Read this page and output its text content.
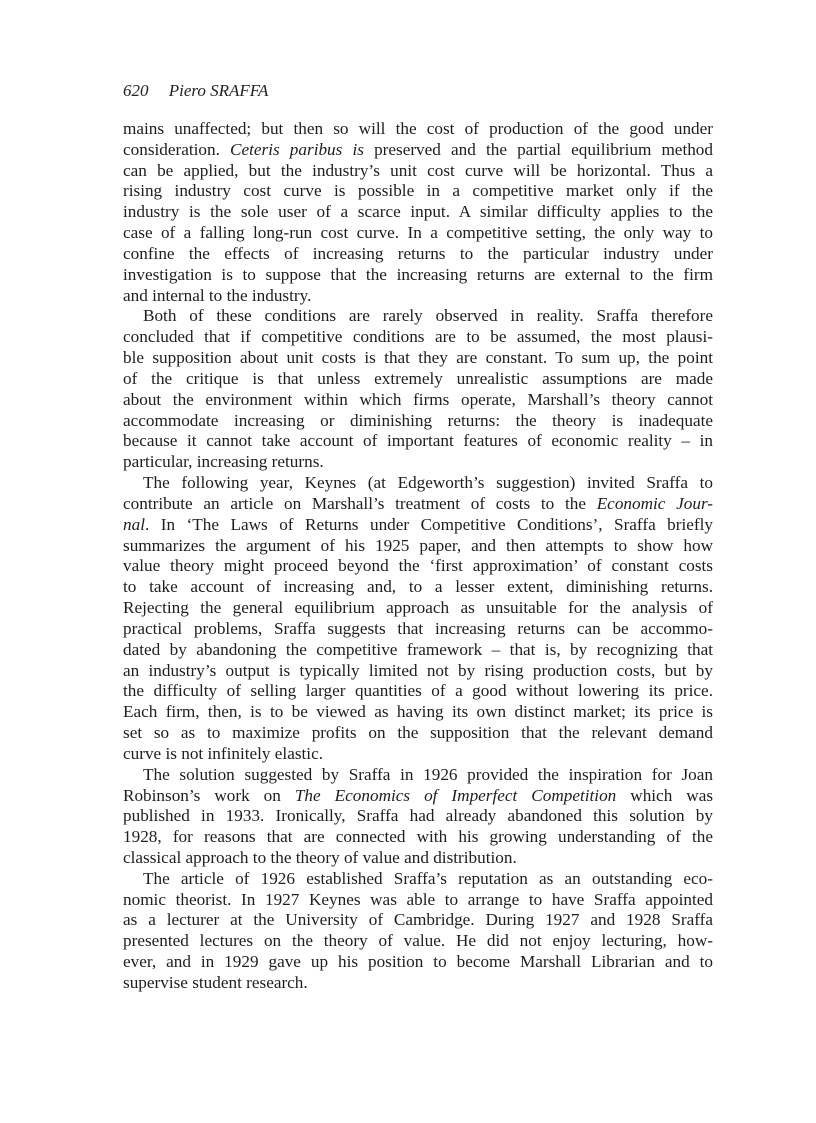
620 Piero SRAFFA
mains unaffected; but then so will the cost of production of the good under
consideration. Ceteris paribus is preserved and the partial equilibrium method
can be applied, but the industry’s unit cost curve will be horizontal. Thus a
rising industry cost curve is possible in a competitive market only if the
industry is the sole user of a scarce input. A similar difficulty applies to the
case of a falling long-run cost curve. In a competitive setting, the only way to
confine the effects of increasing returns to the particular industry under
investigation is to suppose that the increasing returns are external to the firm
and internal to the industry.
Both of these conditions are rarely observed in reality. Sraffa therefore
concluded that if competitive conditions are to be assumed, the most plausi-
ble supposition about unit costs is that they are constant. To sum up, the point
of the critique is that unless extremely unrealistic assumptions are made
about the environment within which firms operate, Marshall’s theory cannot
accommodate increasing or diminishing returns: the theory is inadequate
because it cannot take account of important features of economic reality – in
particular, increasing returns.
The following year, Keynes (at Edgeworth’s suggestion) invited Sraffa to
contribute an article on Marshall’s treatment of costs to the Economic Jour-
nal. In ‘The Laws of Returns under Competitive Conditions’, Sraffa briefly
summarizes the argument of his 1925 paper, and then attempts to show how
value theory might proceed beyond the ‘first approximation’ of constant costs
to take account of increasing and, to a lesser extent, diminishing returns.
Rejecting the general equilibrium approach as unsuitable for the analysis of
practical problems, Sraffa suggests that increasing returns can be accommo-
dated by abandoning the competitive framework – that is, by recognizing that
an industry’s output is typically limited not by rising production costs, but by
the difficulty of selling larger quantities of a good without lowering its price.
Each firm, then, is to be viewed as having its own distinct market; its price is
set so as to maximize profits on the supposition that the relevant demand
curve is not infinitely elastic.
The solution suggested by Sraffa in 1926 provided the inspiration for Joan
Robinson’s work on The Economics of Imperfect Competition which was
published in 1933. Ironically, Sraffa had already abandoned this solution by
1928, for reasons that are connected with his growing understanding of the
classical approach to the theory of value and distribution.
The article of 1926 established Sraffa’s reputation as an outstanding eco-
nomic theorist. In 1927 Keynes was able to arrange to have Sraffa appointed
as a lecturer at the University of Cambridge. During 1927 and 1928 Sraffa
presented lectures on the theory of value. He did not enjoy lecturing, how-
ever, and in 1929 gave up his position to become Marshall Librarian and to
supervise student research.
